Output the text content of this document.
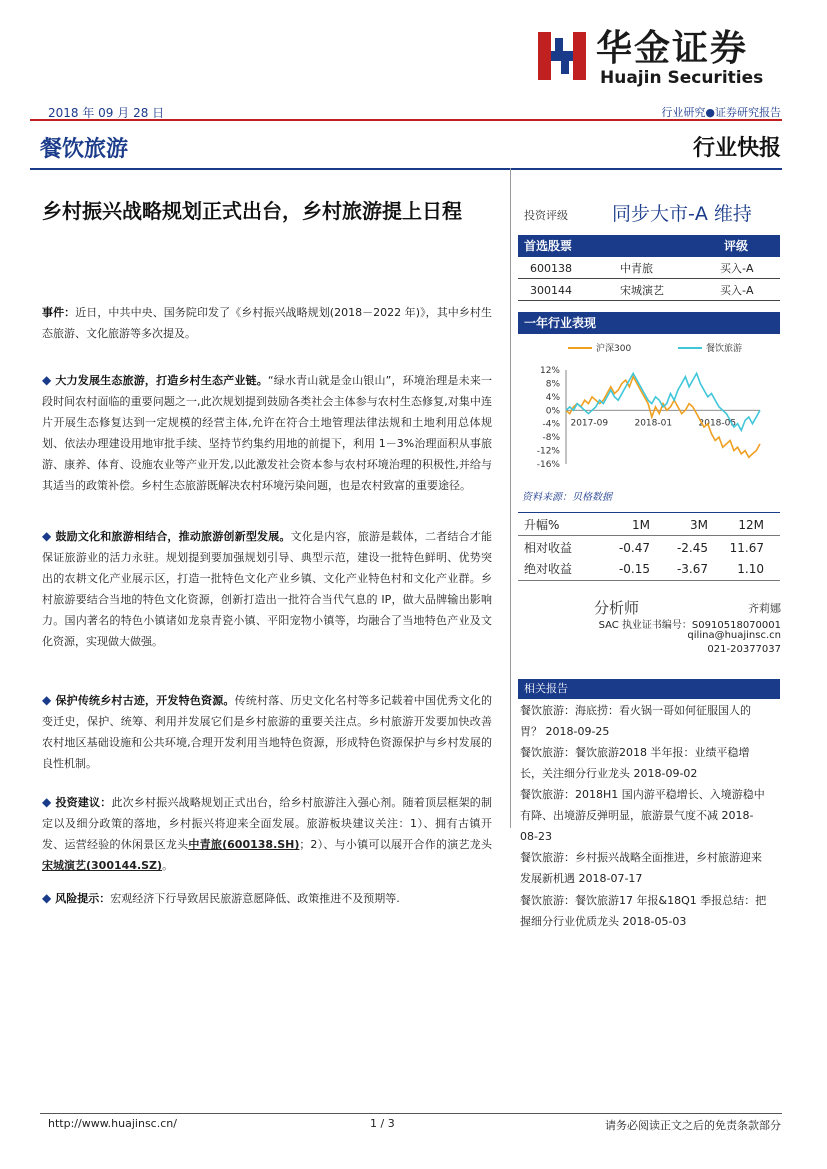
华金证券
Huajin Securities
2018 年 09 月 28 日	行业研究●证券研究报告
餐饮旅游	行业快报
乡村振兴战略规划正式出台，乡村旅游提上日程
事件：近日，中共中央、国务院印发了《乡村振兴战略规划(2018－2022 年)》，其中乡村生态旅游、文化旅游等多次提及。
◆ 大力发展生态旅游，打造乡村生态产业链。“绿水青山就是金山银山”，环境治理是未来一段时间农村面临的重要问题之一,此次规划提到鼓励各类社会主体参与农村生态修复,对集中连片开展生态修复达到一定规模的经营主体,允许在符合土地管理法律法规和土地利用总体规划、依法办理建设用地审批手续、坚持节约集约用地的前提下，利用 1－3%治理面积从事旅游、康养、体育、设施农业等产业开发,以此激发社会资本参与农村环境治理的积极性,并给与其适当的政策补偿。乡村生态旅游既解决农村环境污染问题，也是农村致富的重要途径。
◆ 鼓励文化和旅游相结合，推动旅游创新型发展。文化是内容，旅游是载体，二者结合才能保证旅游业的活力永驻。规划提到要加强规划引导、典型示范，建设一批特色鲜明、优势突出的农耕文化产业展示区，打造一批特色文化产业乡镇、文化产业特色村和文化产业群。乡村旅游要结合当地的特色文化资源，创新打造出一批符合当代气息的 IP，做大品牌输出影响力。国内著名的特色小镇诸如龙泉青瓷小镇、平阳宠物小镇等，均融合了当地特色产业及文化资源，实现做大做强。
◆ 保护传统乡村古迹，开发特色资源。传统村落、历史文化名村等多记载着中国优秀文化的变迁史，保护、统筹、利用并发展它们是乡村旅游的重要关注点。乡村旅游开发要加快改善农村地区基础设施和公共环境,合理开发利用当地特色资源，形成特色资源保护与乡村发展的良性机制。
◆ 投资建议：此次乡村振兴战略规划正式出台，给乡村旅游注入强心剂。随着顶层框架的制定以及细分政策的落地，乡村振兴将迎来全面发展。旅游板块建议关注：1）、拥有古镇开发、运营经验的休闲景区龙头中青旅(600138.SH)；2）、与小镇可以展开合作的演艺龙头宋城演艺(300144.SZ)。
◆ 风险提示：宏观经济下行导致居民旅游意愿降低、政策推进不及预期等.
投资评级 同步大市-A 维持
首选股票	评级
600138	中青旅	买入-A
300144	宋城演艺	买入-A
一年行业表现
12%
8%
4%
0%
-4%
-8%
-12%
-16%
2017-09	2018-01	2018-05
沪深300	餐饮旅游
资料来源：贝格数据
升幅%	1M	3M	12M
相对收益	-0.47 -2.45 11.67
绝对收益	-0.15 -3.67 1.10
分析师	齐莉娜
SAC 执业证书编号：S0910518070001
qilina@huajinsc.cn
021-20377037
相关报告
餐饮旅游：海底捞：看火锅一哥如何征服国人的胃？ 2018-09-25
餐饮旅游：餐饮旅游2018 半年报：业绩平稳增长，关注细分行业龙头 2018-09-02
餐饮旅游：2018H1 国内游平稳增长、入境游稳中有降、出境游反弹明显，旅游景气度不减 2018-08-23
餐饮旅游：乡村振兴战略全面推进，乡村旅游迎来发展新机遇 2018-07-17
餐饮旅游：餐饮旅游17 年报&18Q1 季报总结：把握细分行业优质龙头 2018-05-03
http://www.huajinsc.cn/	1 / 3	请务必阅读正文之后的免责条款部分
